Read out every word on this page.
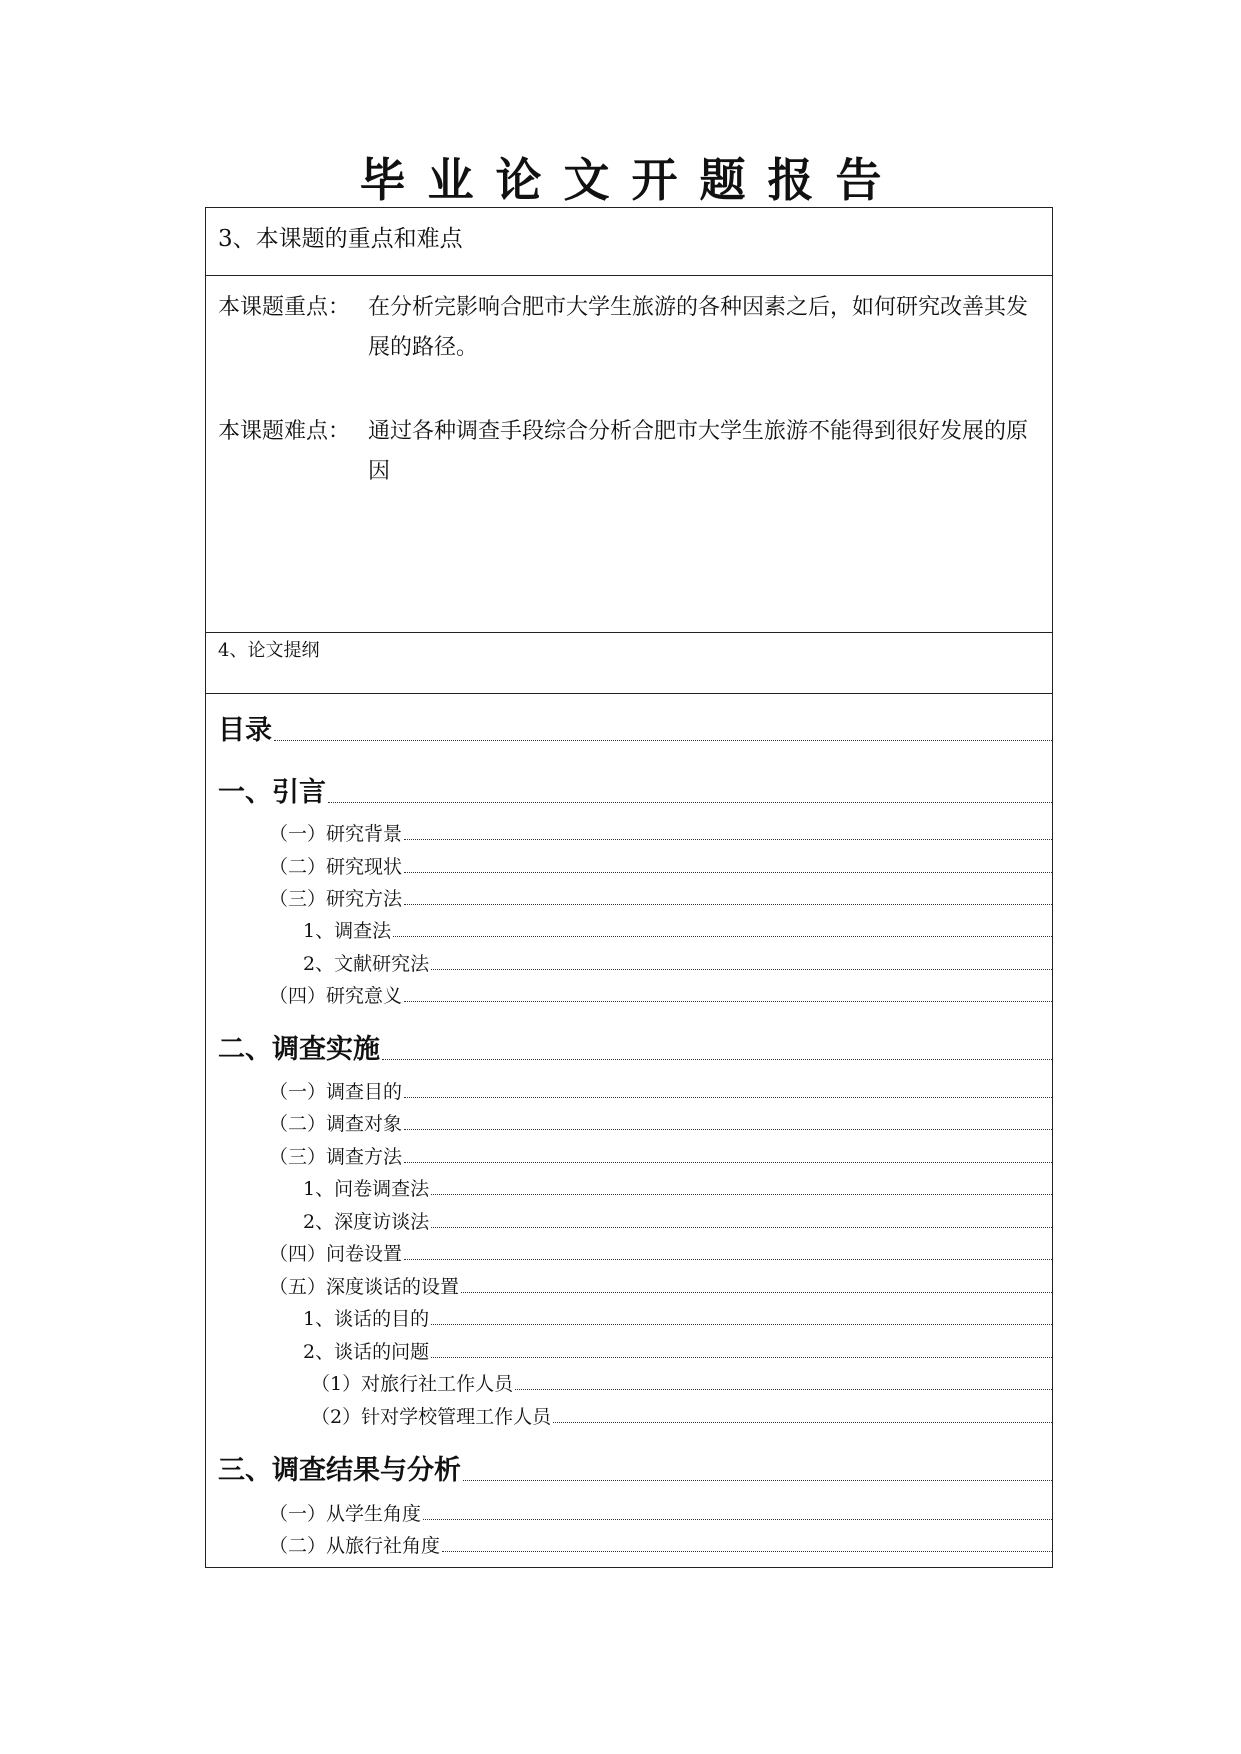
毕业论文开题报告
3、本课题的重点和难点
本课题重点： 在分析完影响合肥市大学生旅游的各种因素之后，如何研究改善其发展的路径。
本课题难点： 通过各种调查手段综合分析合肥市大学生旅游不能得到很好发展的原因
4、论文提纲
目录
一、引言
（一）研究背景
（二）研究现状
（三）研究方法
1、调查法
2、文献研究法
（四）研究意义
二、调查实施
（一）调查目的
（二）调查对象
（三）调查方法
1、问卷调查法
2、深度访谈法
（四）问卷设置
（五）深度谈话的设置
1、谈话的目的
2、谈话的问题
（1）对旅行社工作人员
（2）针对学校管理工作人员
三、调查结果与分析
（一）从学生角度
（二）从旅行社角度
